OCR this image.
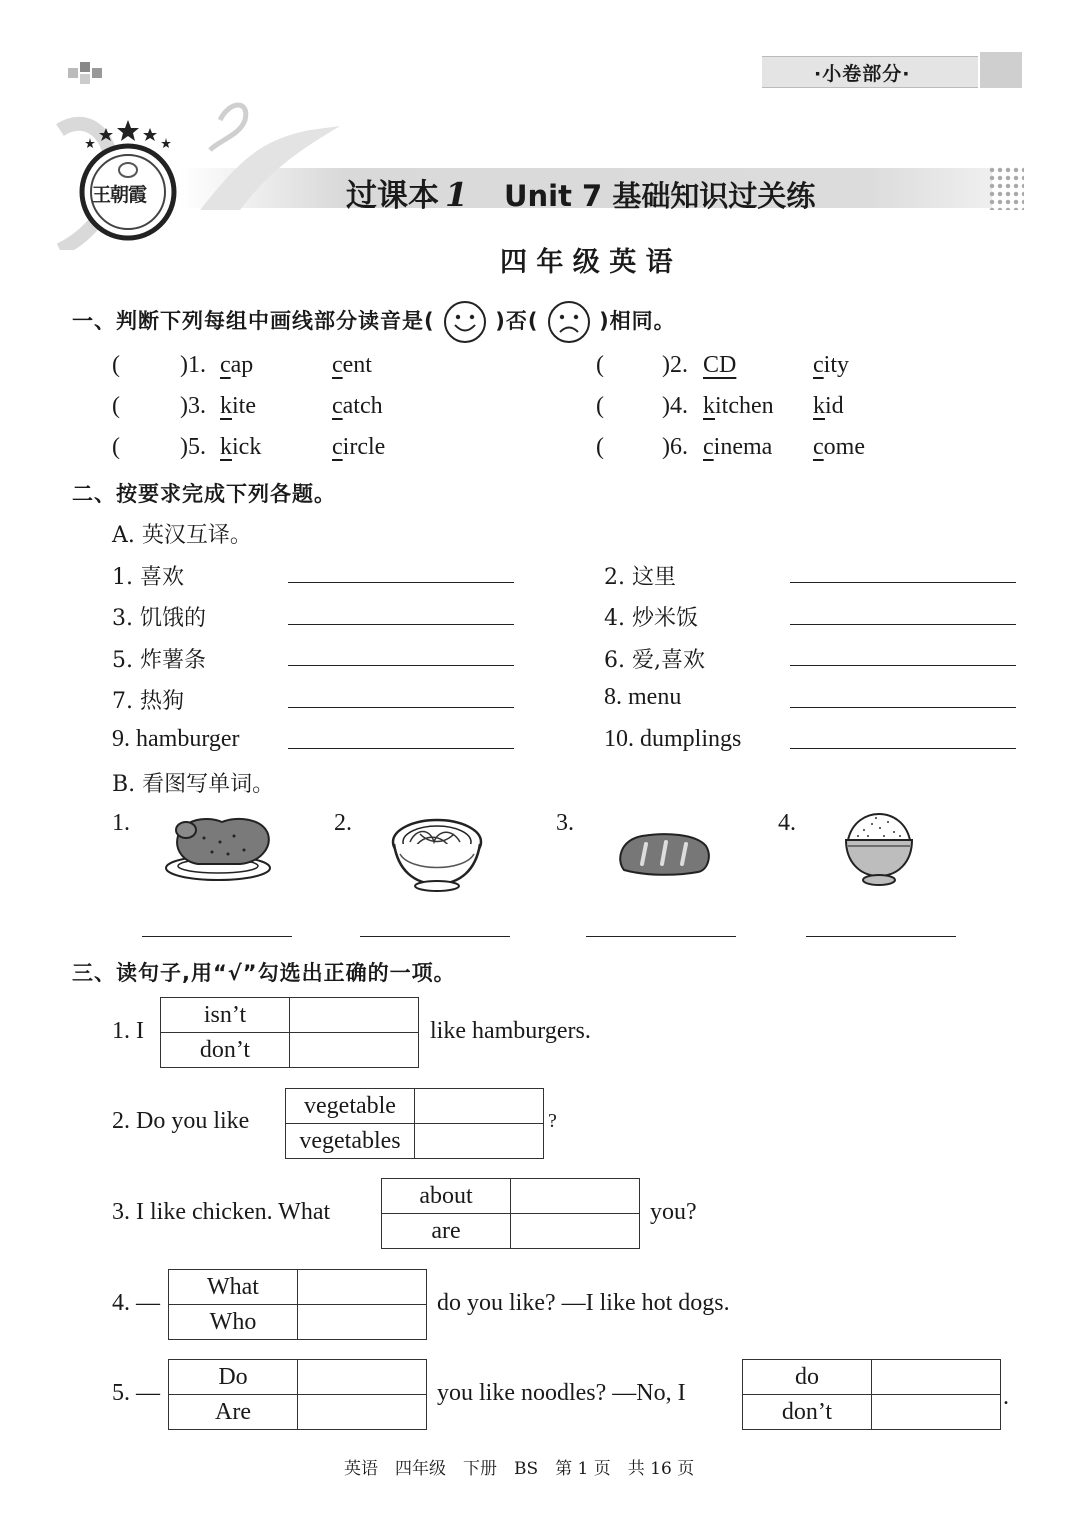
·小卷部分·
王朝霞	过课本 1 Unit 7 基础知识过关练
四 年 级 英 语
一、判断下列每组中画线部分读音是(	)否(	)相同。
(	)1. cap	cent	( )2. CD	city
(	)3. kite	catch	( )4. kitchen kid
(	)5. kick	circle	( )6. cinema come
二、按要求完成下列各题。
A. 英汉互译。
1. 喜欢	2. 这里
3. 饥饿的	4. 炒米饭
5. 炸薯条	6. 爱,喜欢
7. 热狗	8. menu
9. hamburger	10. dumplings
B. 看图写单词。
1.	2.	3.	4.
三、读句子,用“√”勾选出正确的一项。
1. I
isn’t	
don’t	
like hamburgers.
2. Do you like
vegetable	
vegetables	
?
3. I like chicken. What
about	
are	
you?
4. —
What	
Who	
do you like? —I like hot dogs.
5. —
Do	
Are	
you like noodles? —No, I
do	
don’t	
.
英语　四年级　下册　BS　第 1 页　共 16 页
